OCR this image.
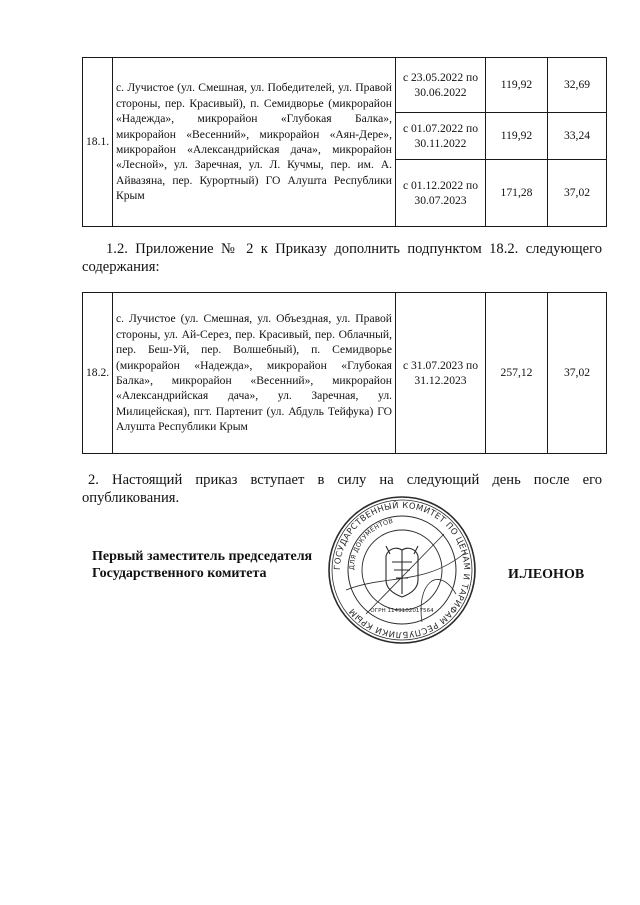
18.1.	с. Лучистое (ул. Смешная, ул. Победителей, ул. Правой стороны, пер. Красивый), п. Семидворье (микрорайон «Надежда», микрорайон «Глубокая Балка», микрорайон «Весенний», микрорайон «Аян-Дере», микрорайон «Александрийская дача», микрорайон «Лесной», ул. Заречная, ул. Л. Кучмы, пер. им. А. Айвазяна, пер. Курортный) ГО Алушта Республики Крым	с 23.05.2022 по 30.06.2022	119,92	32,69
		с 01.07.2022 по 30.11.2022	119,92	33,24
		с 01.12.2022 по 30.07.2023	171,28	37,02
1.2. Приложение № 2 к Приказу дополнить подпунктом 18.2. следующего содержания:
18.2.	с. Лучистое (ул. Смешная, ул. Объездная, ул. Правой стороны, ул. Ай-Серез, пер. Красивый, пер. Облачный, пер. Беш-Уй, пер. Волшебный), п. Семидворье (микрорайон «Надежда», микрорайон «Глубокая Балка», микрорайон «Весенний», микрорайон «Александрийская дача», ул. Заречная, ул. Милицейская), пгт. Партенит (ул. Абдуль Тейфука) ГО Алушта Республики Крым	с 31.07.2023 по 31.12.2023	257,12	37,02
2. Настоящий приказ вступает в силу на следующий день после его опубликования.
Первый заместитель председателя
Государственного комитета	И.ЛЕОНОВ
ГОСУДАРСТВЕННЫЙ КОМИТЕТ ПО ЦЕНАМ И ТАРИФАМ РЕСПУБЛИКИ КРЫМ
ДЛЯ ДОКУМЕНТОВ
ОГРН 1149102017564
